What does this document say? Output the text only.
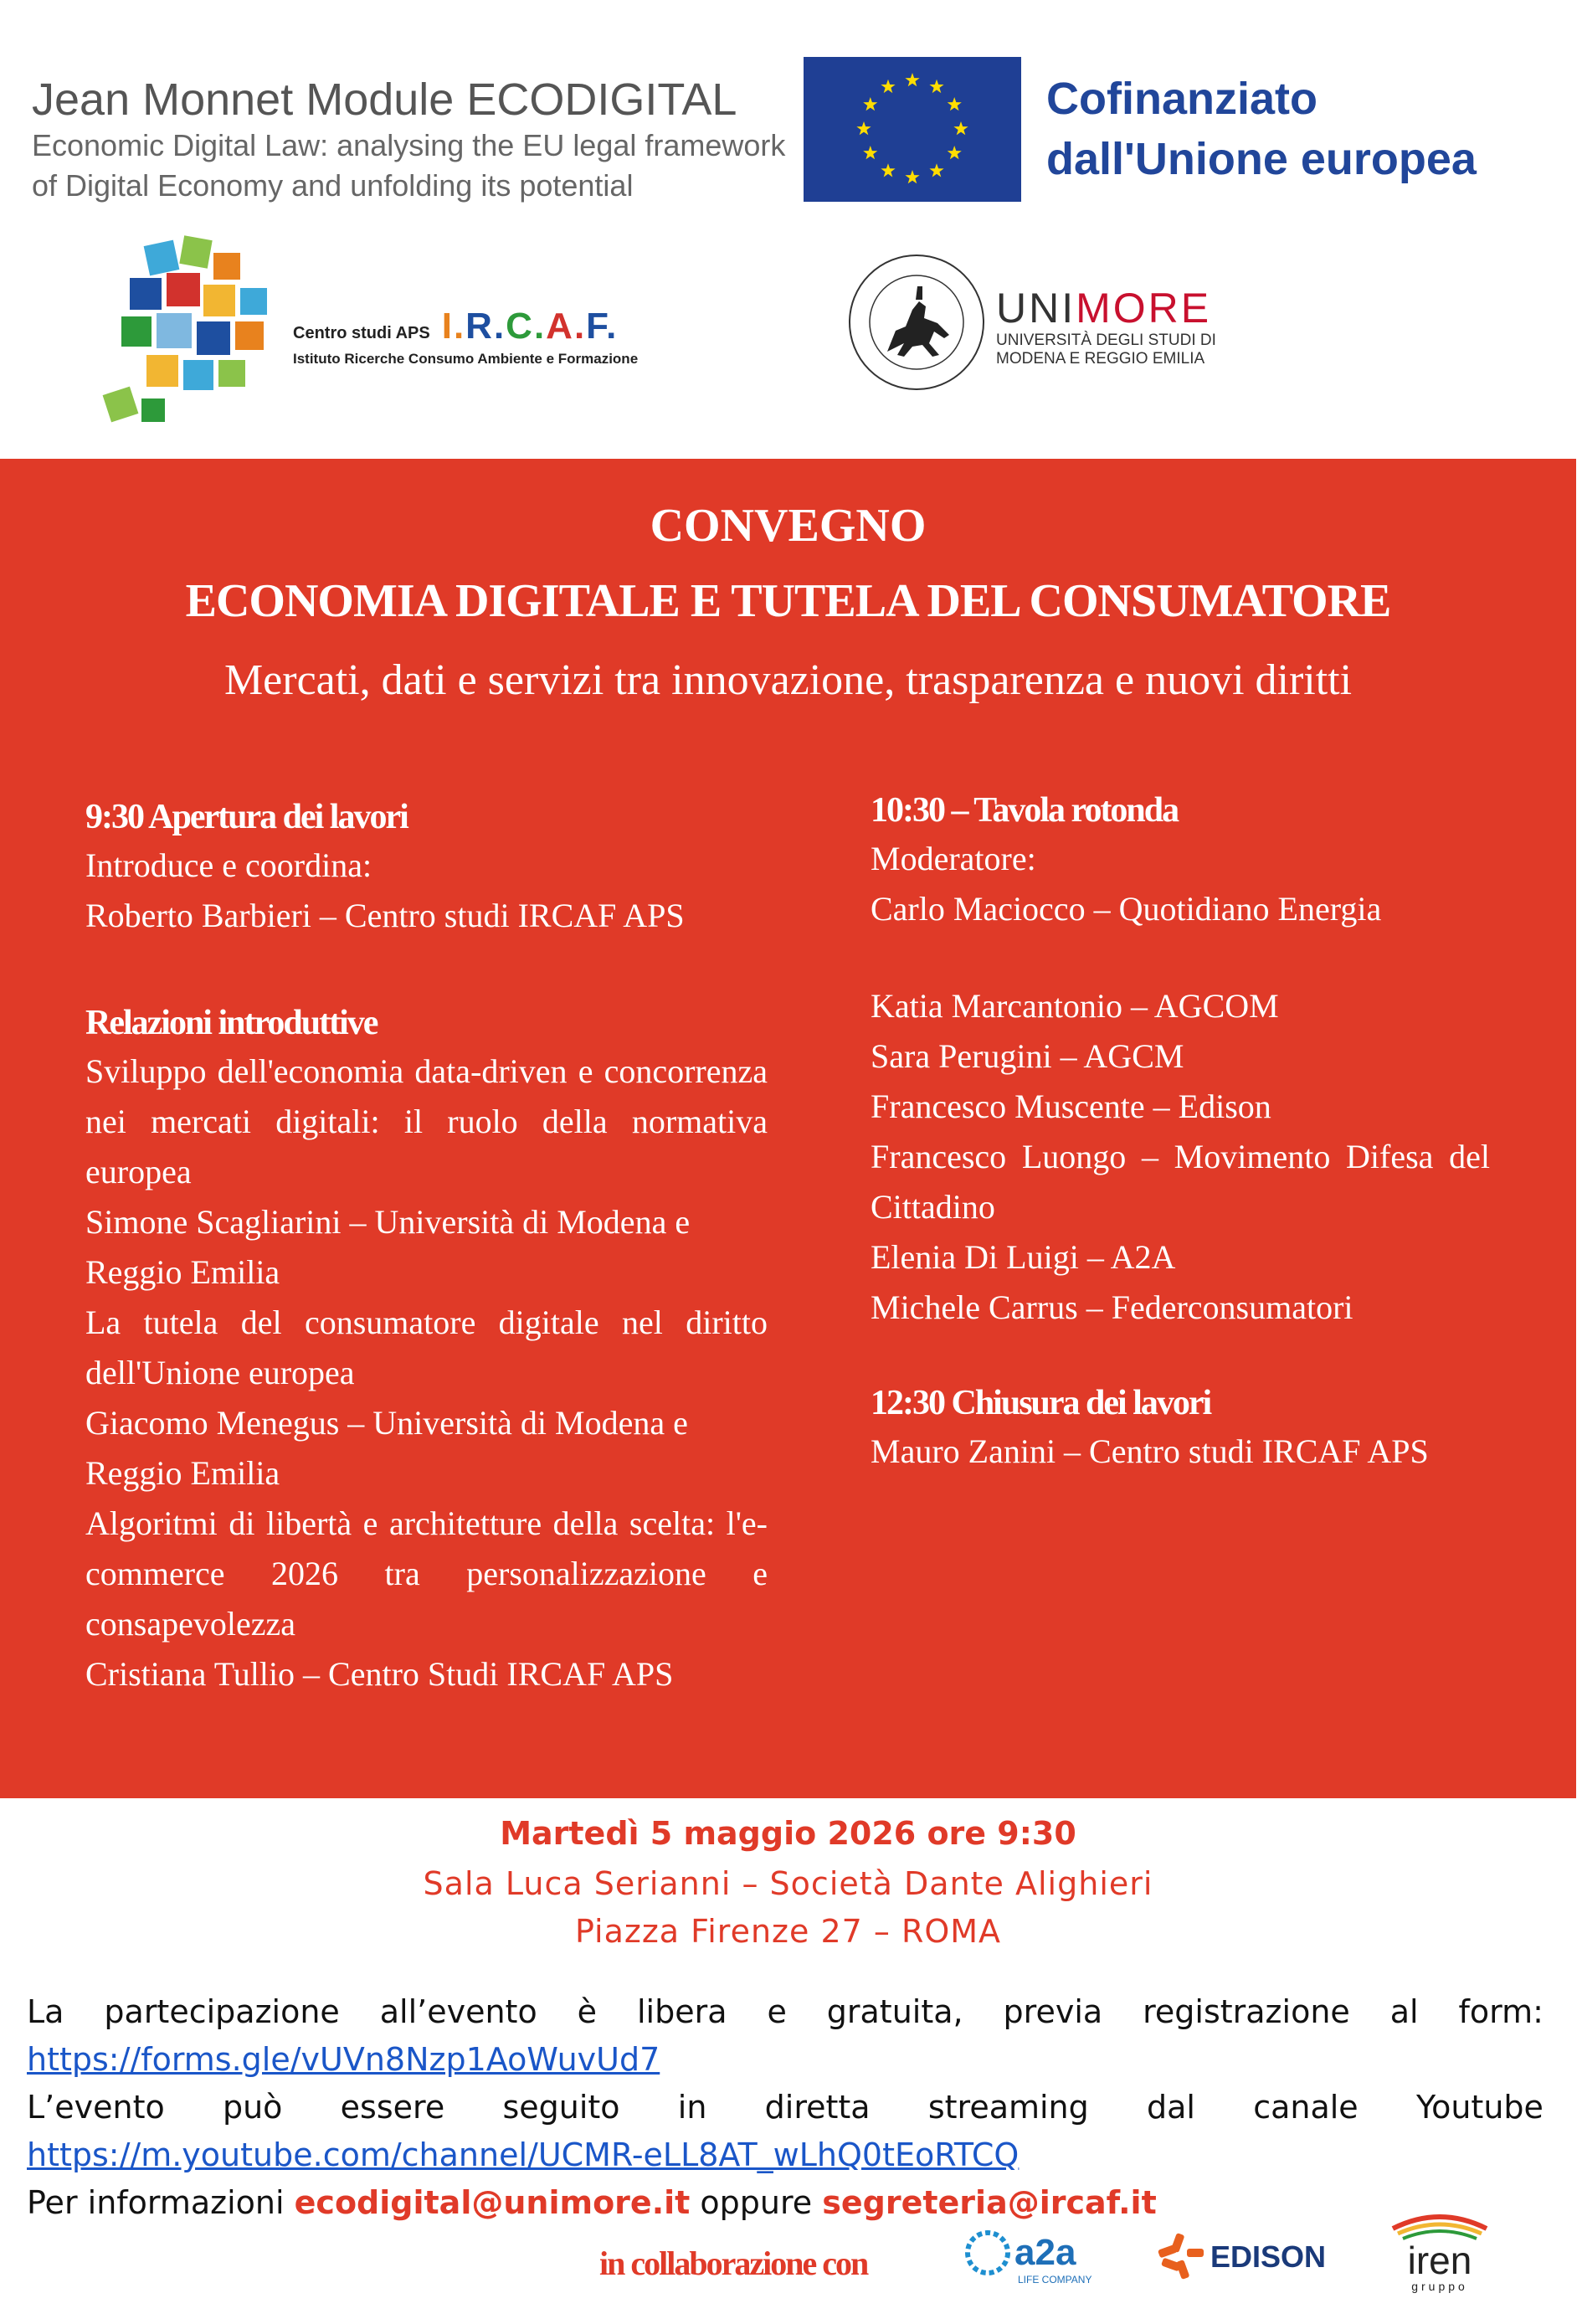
Jean Monnet Module ECODIGITAL
Economic Digital Law: analysing the EU legal framework
of Digital Economy and unfolding its potential
Cofinanziato
dall'Unione europea
Centro studi APS I.R.C.A.F.
Istituto Ricerche Consumo Ambiente e Formazione
UNIMORE
UNIVERSITÀ DEGLI STUDI DI
MODENA E REGGIO EMILIA
CONVEGNO
ECONOMIA DIGITALE E TUTELA DEL CONSUMATORE
Mercati, dati e servizi tra innovazione, trasparenza e nuovi diritti
9:30 Apertura dei lavori
Introduce e coordina:
Roberto Barbieri – Centro studi IRCAF APS
Relazioni introduttive
Sviluppo dell'economia data-driven e concorrenza nei mercati digitali: il ruolo della normativa europea
Simone Scagliarini – Università di Modena e Reggio Emilia
La tutela del consumatore digitale nel diritto dell'Unione europea
Giacomo Menegus – Università di Modena e Reggio Emilia
Algoritmi di libertà e architetture della scelta: l'e-commerce 2026 tra personalizzazione e consapevolezza
Cristiana Tullio – Centro Studi IRCAF APS
10:30 – Tavola rotonda
Moderatore:
Carlo Maciocco – Quotidiano Energia
Katia Marcantonio – AGCOM
Sara Perugini – AGCM
Francesco Muscente – Edison
Francesco Luongo – Movimento Difesa del Cittadino
Elenia Di Luigi – A2A
Michele Carrus – Federconsumatori
12:30 Chiusura dei lavori
Mauro Zanini – Centro studi IRCAF APS
Martedì 5 maggio 2026 ore 9:30
Sala Luca Serianni – Società Dante Alighieri
Piazza Firenze 27 – ROMA
La partecipazione all’evento è libera e gratuita, previa registrazione al form:
https://forms.gle/vUVn8Nzp1AoWuvUd7
L’evento può essere seguito in diretta streaming dal canale Youtube
https://m.youtube.com/channel/UCMR-eLL8AT_wLhQ0tEoRTCQ
Per informazioni ecodigital@unimore.it oppure segreteria@ircaf.it
in collaborazione con	a2a
LIFE COMPANY
EDISON iren
gruppo
